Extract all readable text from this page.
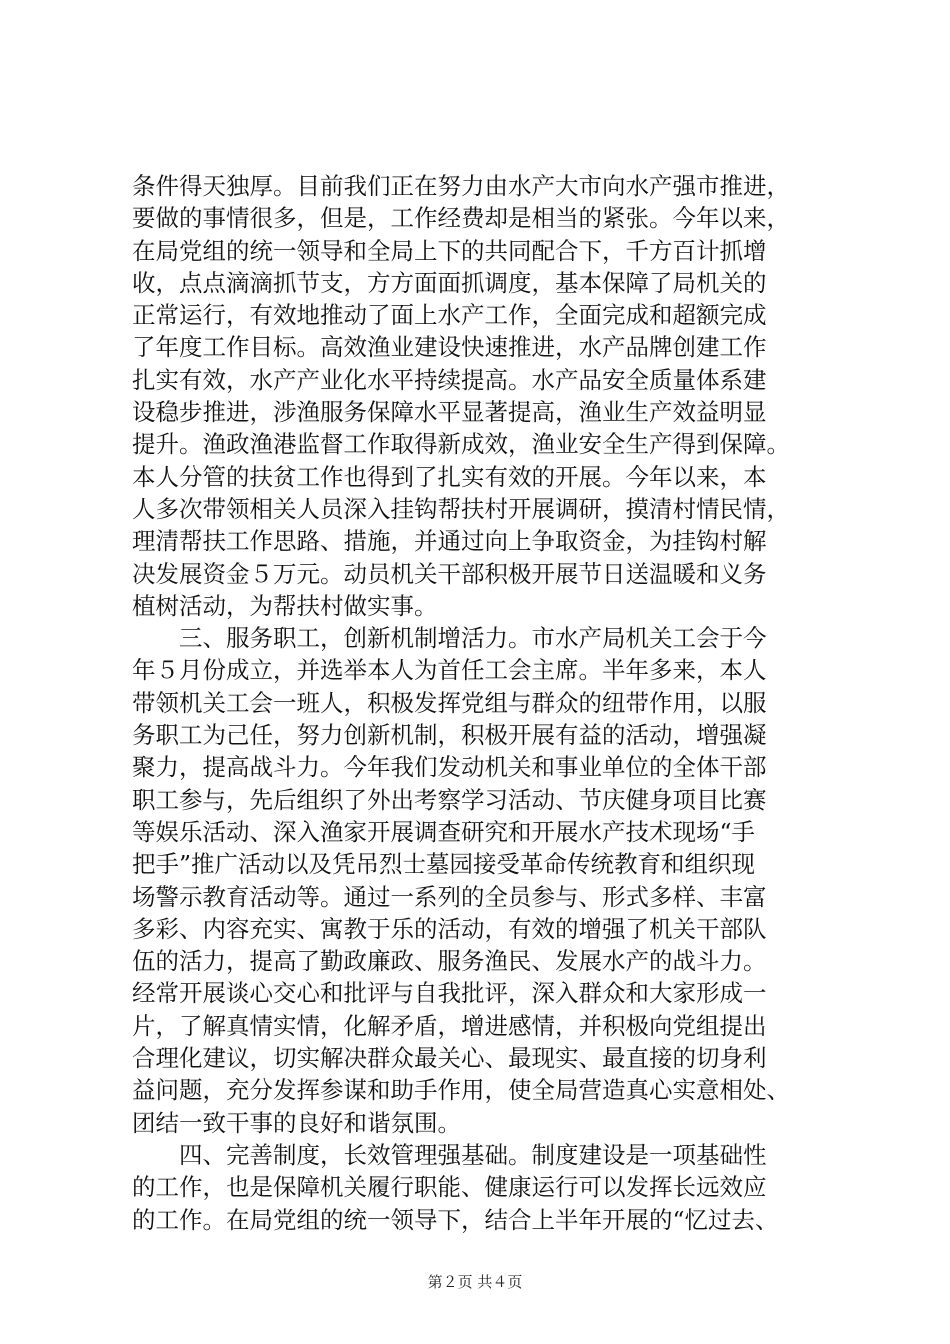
条件得天独厚。目前我们正在努力由水产大市向水产强市推进，
要做的事情很多，但是，工作经费却是相当的紧张。今年以来，
在局党组的统一领导和全局上下的共同配合下，千方百计抓增
收，点点滴滴抓节支，方方面面抓调度，基本保障了局机关的
正常运行，有效地推动了面上水产工作，全面完成和超额完成
了年度工作目标。高效渔业建设快速推进，水产品牌创建工作
扎实有效，水产产业化水平持续提高。水产品安全质量体系建
设稳步推进，涉渔服务保障水平显著提高，渔业生产效益明显
提升。渔政渔港监督工作取得新成效，渔业安全生产得到保障。
本人分管的扶贫工作也得到了扎实有效的开展。今年以来，本
人多次带领相关人员深入挂钩帮扶村开展调研，摸清村情民情，
理清帮扶工作思路、措施，并通过向上争取资金，为挂钩村解
决发展资金５万元。动员机关干部积极开展节日送温暖和义务
植树活动，为帮扶村做实事。
三、服务职工，创新机制增活力。市水产局机关工会于今
年５月份成立，并选举本人为首任工会主席。半年多来，本人
带领机关工会一班人，积极发挥党组与群众的纽带作用，以服
务职工为己任，努力创新机制，积极开展有益的活动，增强凝
聚力，提高战斗力。今年我们发动机关和事业单位的全体干部
职工参与，先后组织了外出考察学习活动、节庆健身项目比赛
等娱乐活动、深入渔家开展调查研究和开展水产技术现场“手
把手”推广活动以及凭吊烈士墓园接受革命传统教育和组织现
场警示教育活动等。通过一系列的全员参与、形式多样、丰富
多彩、内容充实、寓教于乐的活动，有效的增强了机关干部队
伍的活力，提高了勤政廉政、服务渔民、发展水产的战斗力。
经常开展谈心交心和批评与自我批评，深入群众和大家形成一
片，了解真情实情，化解矛盾，增进感情，并积极向党组提出
合理化建议，切实解决群众最关心、最现实、最直接的切身利
益问题，充分发挥参谋和助手作用，使全局营造真心实意相处、
团结一致干事的良好和谐氛围。
四、完善制度，长效管理强基础。制度建设是一项基础性
的工作，也是保障机关履行职能、健康运行可以发挥长远效应
的工作。在局党组的统一领导下，结合上半年开展的“忆过去、
第２页 共４页
